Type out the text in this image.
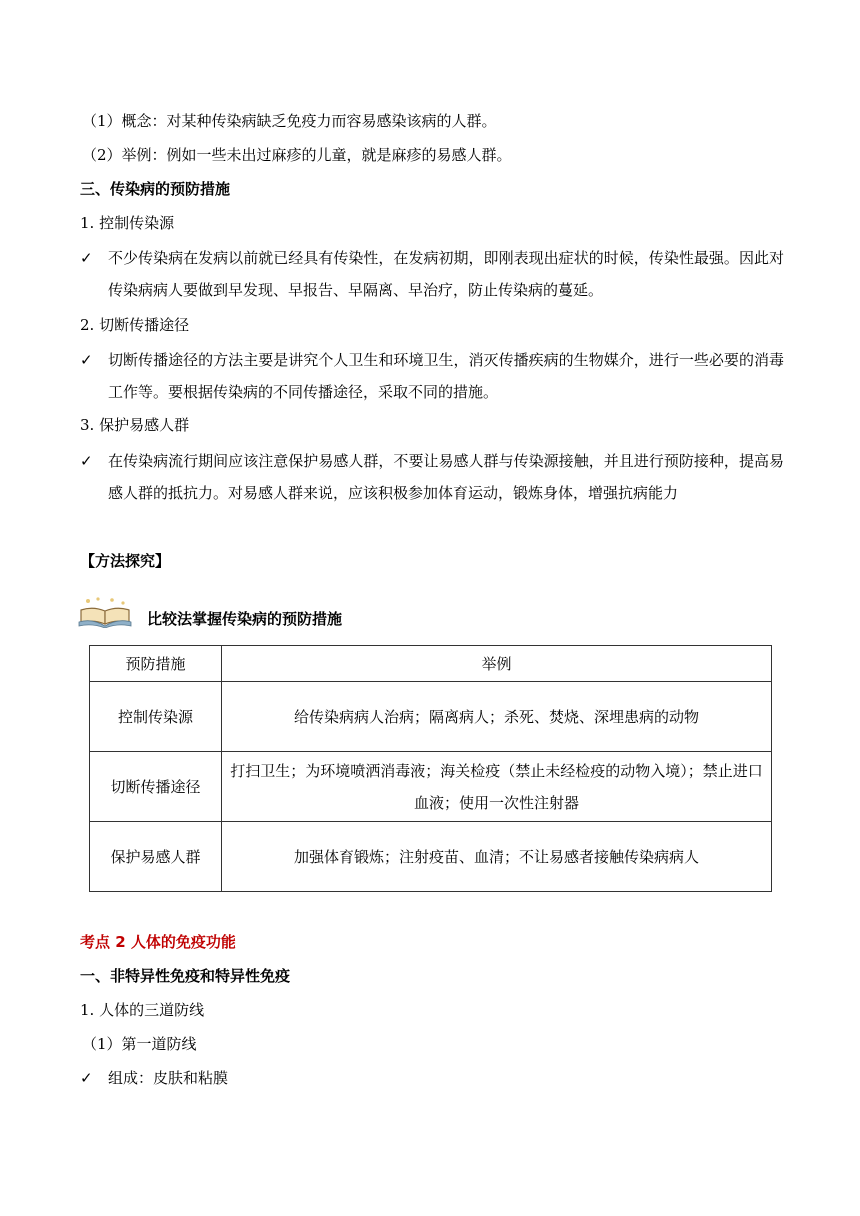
（1）概念：对某种传染病缺乏免疫力而容易感染该病的人群。
（2）举例：例如一些未出过麻疹的儿童，就是麻疹的易感人群。
三、传染病的预防措施
1. 控制传染源
✓	不少传染病在发病以前就已经具有传染性，在发病初期，即刚表现出症状的时候，传染性最强。因此对传染病病人要做到早发现、早报告、早隔离、早治疗，防止传染病的蔓延。
2. 切断传播途径
✓	切断传播途径的方法主要是讲究个人卫生和环境卫生，消灭传播疾病的生物媒介，进行一些必要的消毒工作等。要根据传染病的不同传播途径，采取不同的措施。
3. 保护易感人群
✓	在传染病流行期间应该注意保护易感人群，不要让易感人群与传染源接触，并且进行预防接种，提高易感人群的抵抗力。对易感人群来说，应该积极参加体育运动，锻炼身体，增强抗病能力
【方法探究】
比较法掌握传染病的预防措施
预防措施	举例
控制传染源	给传染病病人治病；隔离病人；杀死、焚烧、深埋患病的动物
切断传播途径	打扫卫生；为环境喷洒消毒液；海关检疫（禁止未经检疫的动物入境）；禁止进口血液；使用一次性注射器
保护易感人群	加强体育锻炼；注射疫苗、血清；不让易感者接触传染病病人
考点 2 人体的免疫功能
一、非特异性免疫和特异性免疫
1. 人体的三道防线
（1）第一道防线
✓	组成：皮肤和粘膜
